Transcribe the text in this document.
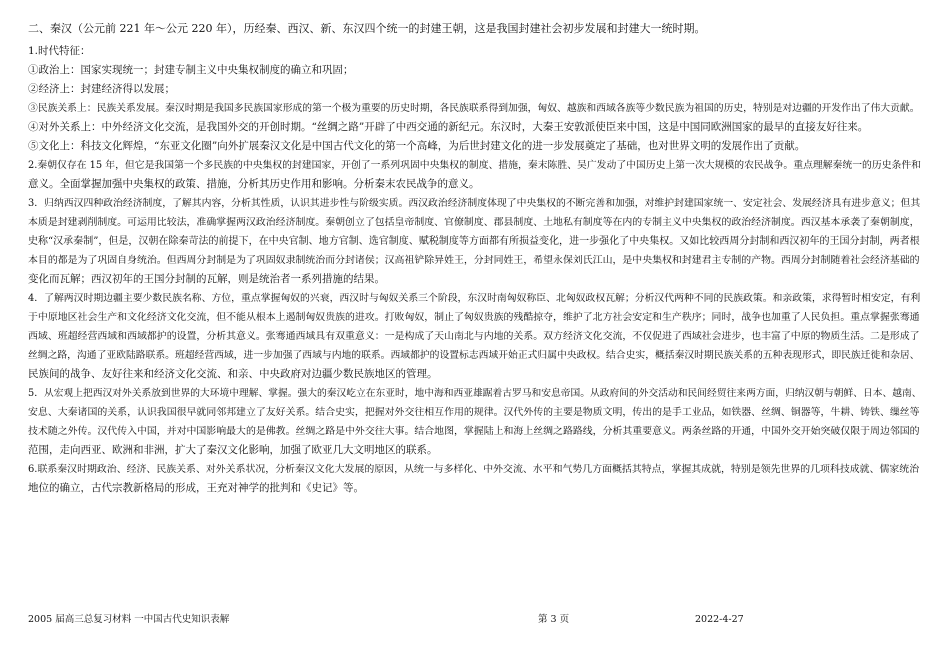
二、秦汉（公元前 221 年～公元 220 年），历经秦、西汉、新、东汉四个统一的封建王朝，这是我国封建社会初步发展和封建大一统时期。
1.时代特征：
①政治上：国家实现统一；封建专制主义中央集权制度的确立和巩固；
②经济上：封建经济得以发展；
③民族关系上：民族关系发展。秦汉时期是我国多民族国家形成的第一个极为重要的历史时期，各民族联系得到加强，匈奴、越族和西域各族等少数民族为祖国的历史，特别是对边疆的开发作出了伟大贡献。
④对外关系上：中外经济文化交流，是我国外交的开创时期。“丝绸之路”开辟了中西交通的新纪元。东汉时，大秦王安敦派使臣来中国，这是中国同欧洲国家的最早的直接友好往来。
⑤文化上：科技文化辉煌，“东亚文化圈”向外扩展秦汉文化是中国古代文化的第一个高峰，为后世封建文化的进一步发展奠定了基础，也对世界文明的发展作出了贡献。
2.秦朝仅存在 15 年，但它是我国第一个多民族的中央集权的封建国家，开创了一系列巩固中央集权的制度、措施，秦末陈胜、吴广发动了中国历史上第一次大规模的农民战争。重点理解秦统一的历史条件和
意义。全面掌握加强中央集权的政策、措施，分析其历史作用和影响。分析秦末农民战争的意义。
3．归纳西汉四种政治经济制度，了解其内容，分析其性质，认识其进步性与阶级实质。西汉政治经济制度体现了中央集权的不断完善和加强，对维护封建国家统一、安定社会、发展经济具有进步意义；但其
本质是封建剥削制度。可运用比较法，准确掌握两汉政治经济制度。秦朝创立了包括皇帝制度、官僚制度、郡县制度、土地私有制度等在内的专制主义中央集权的政治经济制度。西汉基本承袭了秦朝制度，
史称“汉承秦制”，但是，汉朝在除秦苛法的前提下，在中央官制、地方官制、选官制度、赋税制度等方面都有所损益变化，进一步强化了中央集权。又如比较西周分封制和西汉初年的王国分封制，两者根
本目的都是为了巩固自身统治。但西周分封制是为了巩固奴隶制统治而分封诸侯；汉高祖铲除异姓王，分封同姓王，希望永保刘氏江山，是中央集权和封建君主专制的产物。西周分封制随着社会经济基础的
变化而瓦解；西汉初年的王国分封制的瓦解，则是统治者一系列措施的结果。
4．了解两汉时期边疆主要少数民族名称、方位，重点掌握匈奴的兴衰，西汉时与匈奴关系三个阶段，东汉时南匈奴称臣、北匈奴政权瓦解；分析汉代两种不同的民族政策。和亲政策，求得暂时相安定，有利
于中原地区社会生产和文化经济文化交流，但不能从根本上遏制匈奴贵族的进攻。打败匈奴，制止了匈奴贵族的残酷掠夺，维护了北方社会安定和生产秩序；同时，战争也加重了人民负担。重点掌握张骞通
西域、班超经营西域和西域都护的设置，分析其意义。张骞通西域具有双重意义：一是构成了天山南北与内地的关系。双方经济文化交流，不仅促进了西域社会进步，也丰富了中原的物质生活。二是形成了
丝绸之路，沟通了亚欧陆路联系。班超经营西域，进一步加强了西域与内地的联系。西域都护的设置标志西域开始正式归属中央政权。结合史实，概括秦汉时期民族关系的五种表现形式，即民族迁徙和杂居、
民族间的战争、友好往来和经济文化交流、和亲、中央政府对边疆少数民族地区的管理。
5．从宏观上把西汉对外关系放到世界的大环境中理解、掌握。强大的秦汉屹立在东亚时，地中海和西亚雄踞着古罗马和安息帝国。从政府间的外交活动和民间经贸往来两方面，归纳汉朝与朝鲜、日本、越南、
安息、大秦诸国的关系，认识我国很早就同邻邦建立了友好关系。结合史实，把握对外交往相互作用的规律。汉代外传的主要是物质文明，传出的是手工业品，如铁器、丝绸、铜器等，牛耕、铸铁、缫丝等
技术随之外传。汉代传入中国，并对中国影响最大的是佛教。丝绸之路是中外交往大事。结合地图，掌握陆上和海上丝绸之路路线，分析其重要意义。两条丝路的开通，中国外交开始突破仅限于周边邻国的
范围，走向西亚、欧洲和非洲，扩大了秦汉文化影响，加强了欧亚几大文明地区的联系。
6.联系秦汉时期政治、经济、民族关系、对外关系状况，分析秦汉文化大发展的原因，从统一与多样化、中外交流、水平和气势几方面概括其特点，掌握其成就，特别是领先世界的几项科技成就、儒家统治
地位的确立，古代宗教新格局的形成，王充对神学的批判和《史记》等。
2005 届高三总复习材料 一中国古代史知识表解	第 3 页	2022-4-27
